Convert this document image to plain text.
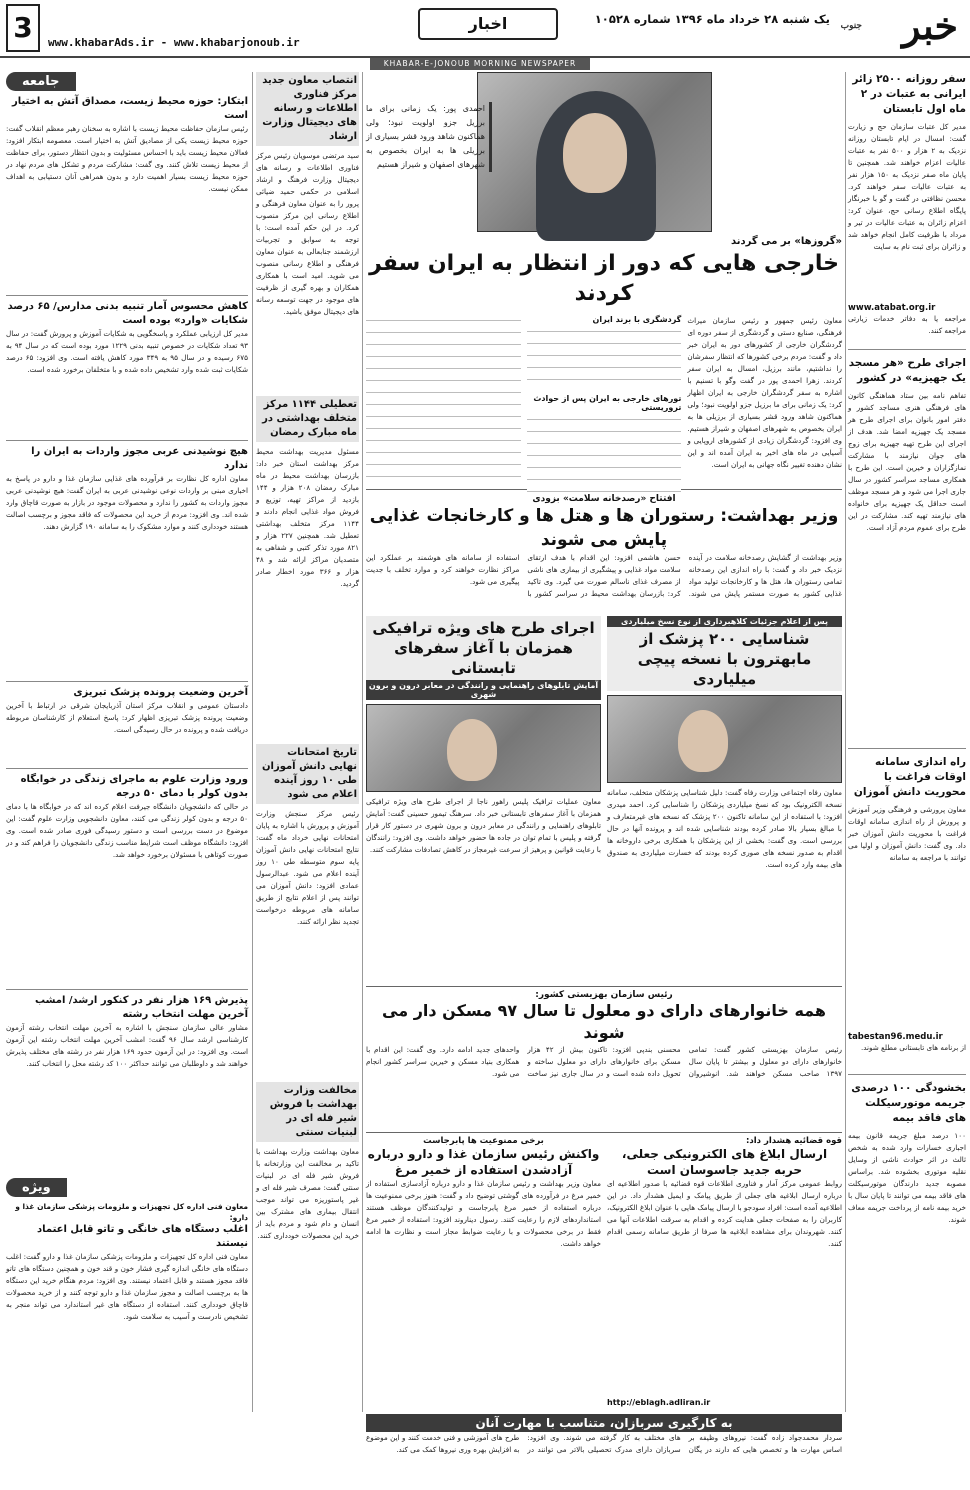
خبر
جنوب
یک شنبه ۲۸ خرداد ماه ۱۳۹۶ شماره ۱۰۵۲۸
اخبار
www.khabarAds.ir - www.khabarjonoub.ir
3
KHABAR-E-JONOUB MORNING NEWSPAPER
سفر روزانه ۲۵۰۰ زائر ایرانی به عتبات در ۲ ماه اول تابستان
مدیر کل عتبات سازمان حج و زیارت گفت: امسال در ایام تابستان روزانه نزدیک به ۲ هزار و ۵۰۰ نفر به عتبات عالیات اعزام خواهند شد. همچنین تا پایان ماه صفر نزدیک به ۱۵۰ هزار نفر به عتبات عالیات سفر خواهند کرد. محسن نظافتی در گفت و گو با خبرنگار پایگاه اطلاع رسانی حج، عنوان کرد: اعزام زائران به عتبات عالیات در تیر و مرداد با ظرفیت کامل انجام خواهد شد و زائران برای ثبت نام به سایت
www.atabat.org.ir
مراجعه یا به دفاتر خدمات زیارتی مراجعه کنند.
اجرای طرح «هر مسجد یک جهیزیه» در کشور
تفاهم نامه بین ستاد هماهنگی کانون های فرهنگی هنری مساجد کشور و دفتر امور بانوان برای اجرای طرح هر مسجد یک جهیزیه امضا شد. هدف از اجرای این طرح تهیه جهیزیه برای زوج های جوان نیازمند با مشارکت نمازگزاران و خیرین است. این طرح با همکاری مساجد سراسر کشور در سال جاری اجرا می شود و هر مسجد موظف است حداقل یک جهیزیه برای خانواده های نیازمند تهیه کند. مشارکت در این طرح برای عموم مردم آزاد است.
راه اندازی سامانه اوقات فراغت با محوریت دانش آموزان
معاون پرورشی و فرهنگی وزیر آموزش و پرورش از راه اندازی سامانه اوقات فراغت با محوریت دانش آموزان خبر داد. وی گفت: دانش آموزان و اولیا می توانند با مراجعه به سامانه
tabestan96.medu.ir
از برنامه های تابستانی مطلع شوند.
بخشودگی ۱۰۰ درصدی جریمه موتورسیکلت های فاقد بیمه
۱۰۰ درصد مبلغ جریمه قانون بیمه اجباری خسارات وارد شده به شخص ثالث در اثر حوادث ناشی از وسایل نقلیه موتوری بخشوده شد. براساس مصوبه جدید دارندگان موتورسیکلت های فاقد بیمه می توانند تا پایان سال با خرید بیمه نامه از پرداخت جریمه معاف شوند.
احمدی پور: یک زمانی برای ما برزیل جزو اولویت نبود؛ ولی هماکنون شاهد ورود قشر بسیاری از برزیلی ها به ایران بخصوص به شهرهای اصفهان و شیراز هستیم
«گروزها» بر می گردند
خارجی هایی که دور از انتظار به ایران سفر کردند
معاون رئیس جمهور و رئیس سازمان میراث فرهنگی، صنایع دستی و گردشگری از سفر دوره ای گردشگران خارجی از کشورهای دور به ایران خبر داد و گفت: مردم برخی کشورها که انتظار سفرشان را نداشتیم، مانند برزیل، امسال به ایران سفر کردند. زهرا احمدی پور در گفت وگو با تسنیم با اشاره به سفر گردشگران خارجی به ایران اظهار کرد: یک زمانی برای ما برزیل جزو اولویت نبود؛ ولی هماکنون شاهد ورود قشر بسیاری از برزیلی ها به ایران بخصوص به شهرهای اصفهان و شیراز هستیم. وی افزود: گردشگران زیادی از کشورهای اروپایی و آسیایی در ماه های اخیر به ایران آمده اند و این نشان دهنده تغییر نگاه جهانی به ایران است.
گردشگری با برند ایران
تورهای خارجی به ایران پس از حوادث تروریستی
افتتاح «رصدخانه سلامت» بزودی
وزیر بهداشت: رستوران ها و هتل ها و کارخانجات غذایی پایش می شوند
وزیر بهداشت از گشایش رصدخانه سلامت در آینده نزدیک خبر داد و گفت: با راه اندازی این رصدخانه تمامی رستوران ها، هتل ها و کارخانجات تولید مواد غذایی کشور به صورت مستمر پایش می شوند. حسن هاشمی افزود: این اقدام با هدف ارتقای سلامت مواد غذایی و پیشگیری از بیماری های ناشی از مصرف غذای ناسالم صورت می گیرد. وی تاکید کرد: بازرسان بهداشت محیط در سراسر کشور با استفاده از سامانه های هوشمند بر عملکرد این مراکز نظارت خواهند کرد و موارد تخلف با جدیت پیگیری می شود.
پس از اعلام جزئیات کلاهبرداری از نوع نسخ میلیاردی
شناسایی ۲۰۰ پزشک از مابهترون با نسخه پیچی میلیاردی
معاون رفاه اجتماعی وزارت رفاه گفت: دلیل شناسایی پزشکان متخلف، سامانه نسخه الکترونیک بود که نسخ میلیاردی پزشکان را شناسایی کرد. احمد میدری افزود: با استفاده از این سامانه تاکنون ۲۰۰ پزشک که نسخه های غیرمتعارف و با مبالغ بسیار بالا صادر کرده بودند شناسایی شده اند و پرونده آنها در حال بررسی است. وی گفت: بخشی از این پزشکان با همکاری برخی داروخانه ها اقدام به صدور نسخه های صوری کرده بودند که خسارت میلیاردی به صندوق های بیمه وارد کرده است.
اجرای طرح های ویژه ترافیکی همزمان با آغاز سفرهای تابستانی
آمایش تابلوهای راهنمایی و رانندگی در معابر درون و برون شهری
معاون عملیات ترافیک پلیس راهور ناجا از اجرای طرح های ویژه ترافیکی همزمان با آغاز سفرهای تابستانی خبر داد. سرهنگ تیمور حسینی گفت: آمایش تابلوهای راهنمایی و رانندگی در معابر درون و برون شهری در دستور کار قرار گرفته و پلیس با تمام توان در جاده ها حضور خواهد داشت. وی افزود: رانندگان با رعایت قوانین و پرهیز از سرعت غیرمجاز در کاهش تصادفات مشارکت کنند.
رئیس سازمان بهزیستی کشور:
همه خانوارهای دارای دو معلول تا سال ۹۷ مسکن دار می شوند
رئیس سازمان بهزیستی کشور گفت: تمامی خانوارهای دارای دو معلول و بیشتر تا پایان سال ۱۳۹۷ صاحب مسکن خواهند شد. انوشیروان محسنی بندپی افزود: تاکنون بیش از ۴۲ هزار مسکن برای خانوارهای دارای دو معلول ساخته و تحویل داده شده است و در سال جاری نیز ساخت واحدهای جدید ادامه دارد. وی گفت: این اقدام با همکاری بنیاد مسکن و خیرین سراسر کشور انجام می شود.
قوه قضائیه هشدار داد:
ارسال ابلاغ های الکترونیکی جعلی، حربه جدید جاسوسان است
روابط عمومی مرکز آمار و فناوری اطلاعات قوه قضائیه با صدور اطلاعیه ای درباره ارسال ابلاغیه های جعلی از طریق پیامک و ایمیل هشدار داد. در این اطلاعیه آمده است: افراد سودجو با ارسال پیامک هایی با عنوان ابلاغ الکترونیک، کاربران را به صفحات جعلی هدایت کرده و اقدام به سرقت اطلاعات آنها می کنند. شهروندان برای مشاهده ابلاغیه ها صرفا از طریق سامانه رسمی اقدام کنند.
http://eblagh.adliran.ir
برخی ممنوعیت ها پابرجاست
واکنش رئیس سازمان غذا و دارو درباره آزادشدن استفاده از خمیر مرغ
معاون وزیر بهداشت و رئیس سازمان غذا و دارو درباره آزادسازی استفاده از خمیر مرغ در فرآورده های گوشتی توضیح داد و گفت: هنوز برخی ممنوعیت ها درباره استفاده از خمیر مرغ پابرجاست و تولیدکنندگان موظف هستند استانداردهای لازم را رعایت کنند. رسول دیناروند افزود: استفاده از خمیر مرغ فقط در برخی محصولات و با رعایت ضوابط مجاز است و نظارت ها ادامه خواهد داشت.
به کارگیری سربازان، متناسب با مهارت آنان
سردار محمدجواد زاده گفت: نیروهای وظیفه بر اساس مهارت ها و تخصص هایی که دارند در یگان های مختلف به کار گرفته می شوند. وی افزود: سربازان دارای مدرک تحصیلی بالاتر می توانند در طرح های آموزشی و فنی خدمت کنند و این موضوع به افزایش بهره وری نیروها کمک می کند.
انتصاب معاون جدید مرکز فناوری اطلاعات و رسانه های دیجیتال وزارت ارشاد
سید مرتضی موسویان رئیس مرکز فناوری اطلاعات و رسانه های دیجیتال وزارت فرهنگ و ارشاد اسلامی در حکمی حمید ضیائی پرور را به عنوان معاون فرهنگی و اطلاع رسانی این مرکز منصوب کرد. در این حکم آمده است: با توجه به سوابق و تجربیات ارزشمند جنابعالی به عنوان معاون فرهنگی و اطلاع رسانی منصوب می شوید. امید است با همکاری همکاران و بهره گیری از ظرفیت های موجود در جهت توسعه رسانه های دیجیتال موفق باشید.
تعطیلی ۱۱۴۴ مرکز متخلف بهداشتی در ماه مبارک رمضان
مسئول مدیریت بهداشت محیط مرکز بهداشت استان خبر داد: بازرسان بهداشت محیط در ماه مبارک رمضان ۲۰۸ هزار و ۱۴۴ بازدید از مراکز تهیه، توزیع و فروش مواد غذایی انجام دادند و ۱۱۴۴ مرکز متخلف بهداشتی تعطیل شد. همچنین ۲۲۷ هزار و ۸۲۱ مورد تذکر کتبی و شفاهی به متصدیان مراکز ارائه شد و ۴۸ هزار و ۳۶۶ مورد اخطار صادر گردید.
تاریخ امتحانات نهایی دانش آموزان طی ۱۰ روز آینده اعلام می شود
رئیس مرکز سنجش وزارت آموزش و پرورش با اشاره به پایان امتحانات نهایی خرداد ماه گفت: نتایج امتحانات نهایی دانش آموزان پایه سوم متوسطه طی ۱۰ روز آینده اعلام می شود. عبدالرسول عمادی افزود: دانش آموزان می توانند پس از اعلام نتایج از طریق سامانه های مربوطه درخواست تجدید نظر ارائه کنند.
مخالفت وزارت بهداشت با فروش شیر فله ای در لبنیات سنتی
معاون بهداشت وزارت بهداشت با تاکید بر مخالفت این وزارتخانه با فروش شیر فله ای در لبنیات سنتی گفت: مصرف شیر فله ای و غیر پاستوریزه می تواند موجب انتقال بیماری های مشترک بین انسان و دام شود و مردم باید از خرید این محصولات خودداری کنند.
جامعه
ابتکار: حوزه محیط زیست، مصداق آتش به اختیار است
رئیس سازمان حفاظت محیط زیست با اشاره به سخنان رهبر معظم انقلاب گفت: حوزه محیط زیست یکی از مصادیق آتش به اختیار است. معصومه ابتکار افزود: فعالان محیط زیست باید با احساس مسئولیت و بدون انتظار دستور، برای حفاظت از محیط زیست تلاش کنند. وی گفت: مشارکت مردم و تشکل های مردم نهاد در حوزه محیط زیست بسیار اهمیت دارد و بدون همراهی آنان دستیابی به اهداف ممکن نیست.
کاهش محسوس آمار تنبیه بدنی مدارس/ ۶۵ درصد شکایات «وارد» بوده است
مدیر کل ارزیابی عملکرد و پاسخگویی به شکایات آموزش و پرورش گفت: در سال ۹۳ تعداد شکایات در خصوص تنبیه بدنی ۱۲۲۹ مورد بوده است که در سال ۹۴ به ۶۷۵ رسیده و در سال ۹۵ به ۳۴۹ مورد کاهش یافته است. وی افزود: ۶۵ درصد شکایات ثبت شده وارد تشخیص داده شده و با متخلفان برخورد شده است.
هیچ نوشیدنی عربی مجوز واردات به ایران را ندارد
معاون اداره کل نظارت بر فرآورده های غذایی سازمان غذا و دارو در پاسخ به اخباری مبنی بر واردات نوعی نوشیدنی عربی به ایران گفت: هیچ نوشیدنی عربی مجوز واردات به کشور را ندارد و محصولات موجود در بازار به صورت قاچاق وارد شده اند. وی افزود: مردم از خرید این محصولات که فاقد مجوز و برچسب اصالت هستند خودداری کنند و موارد مشکوک را به سامانه ۱۹۰ گزارش دهند.
آخرین وضعیت پرونده پزشک تبریزی
دادستان عمومی و انقلاب مرکز استان آذربایجان شرقی در ارتباط با آخرین وضعیت پرونده پزشک تبریزی اظهار کرد: پاسخ استعلام از کارشناسان مربوطه دریافت شده و پرونده در حال رسیدگی است.
ورود وزارت علوم به ماجرای زندگی در خوابگاه بدون کولر با دمای ۵۰ درجه
در حالی که دانشجویان دانشگاه جیرفت اعلام کرده اند که در خوابگاه ها با دمای ۵۰ درجه و بدون کولر زندگی می کنند، معاون دانشجویی وزارت علوم گفت: این موضوع در دست بررسی است و دستور رسیدگی فوری صادر شده است. وی افزود: دانشگاه موظف است شرایط مناسب زندگی دانشجویان را فراهم کند و در صورت کوتاهی با مسئولان برخورد خواهد شد.
پذیرش ۱۶۹ هزار نفر در کنکور ارشد/ امشب آخرین مهلت انتخاب رشته
مشاور عالی سازمان سنجش با اشاره به آخرین مهلت انتخاب رشته آزمون کارشناسی ارشد سال ۹۶ گفت: امشب آخرین مهلت انتخاب رشته این آزمون است. وی افزود: در این آزمون حدود ۱۶۹ هزار نفر در رشته های مختلف پذیرش خواهند شد و داوطلبان می توانند حداکثر ۱۰۰ کد رشته محل را انتخاب کنند.
ویژه
معاون فنی اداره کل تجهیزات و ملزومات پزشکی سازمان غذا و دارو:
اغلب دستگاه های خانگی و تاتو قابل اعتماد نیستند
معاون فنی اداره کل تجهیزات و ملزومات پزشکی سازمان غذا و دارو گفت: اغلب دستگاه های خانگی اندازه گیری فشار خون و قند خون و همچنین دستگاه های تاتو فاقد مجوز هستند و قابل اعتماد نیستند. وی افزود: مردم هنگام خرید این دستگاه ها به برچسب اصالت و مجوز سازمان غذا و دارو توجه کنند و از خرید محصولات قاچاق خودداری کنند. استفاده از دستگاه های غیر استاندارد می تواند منجر به تشخیص نادرست و آسیب به سلامت شود.
